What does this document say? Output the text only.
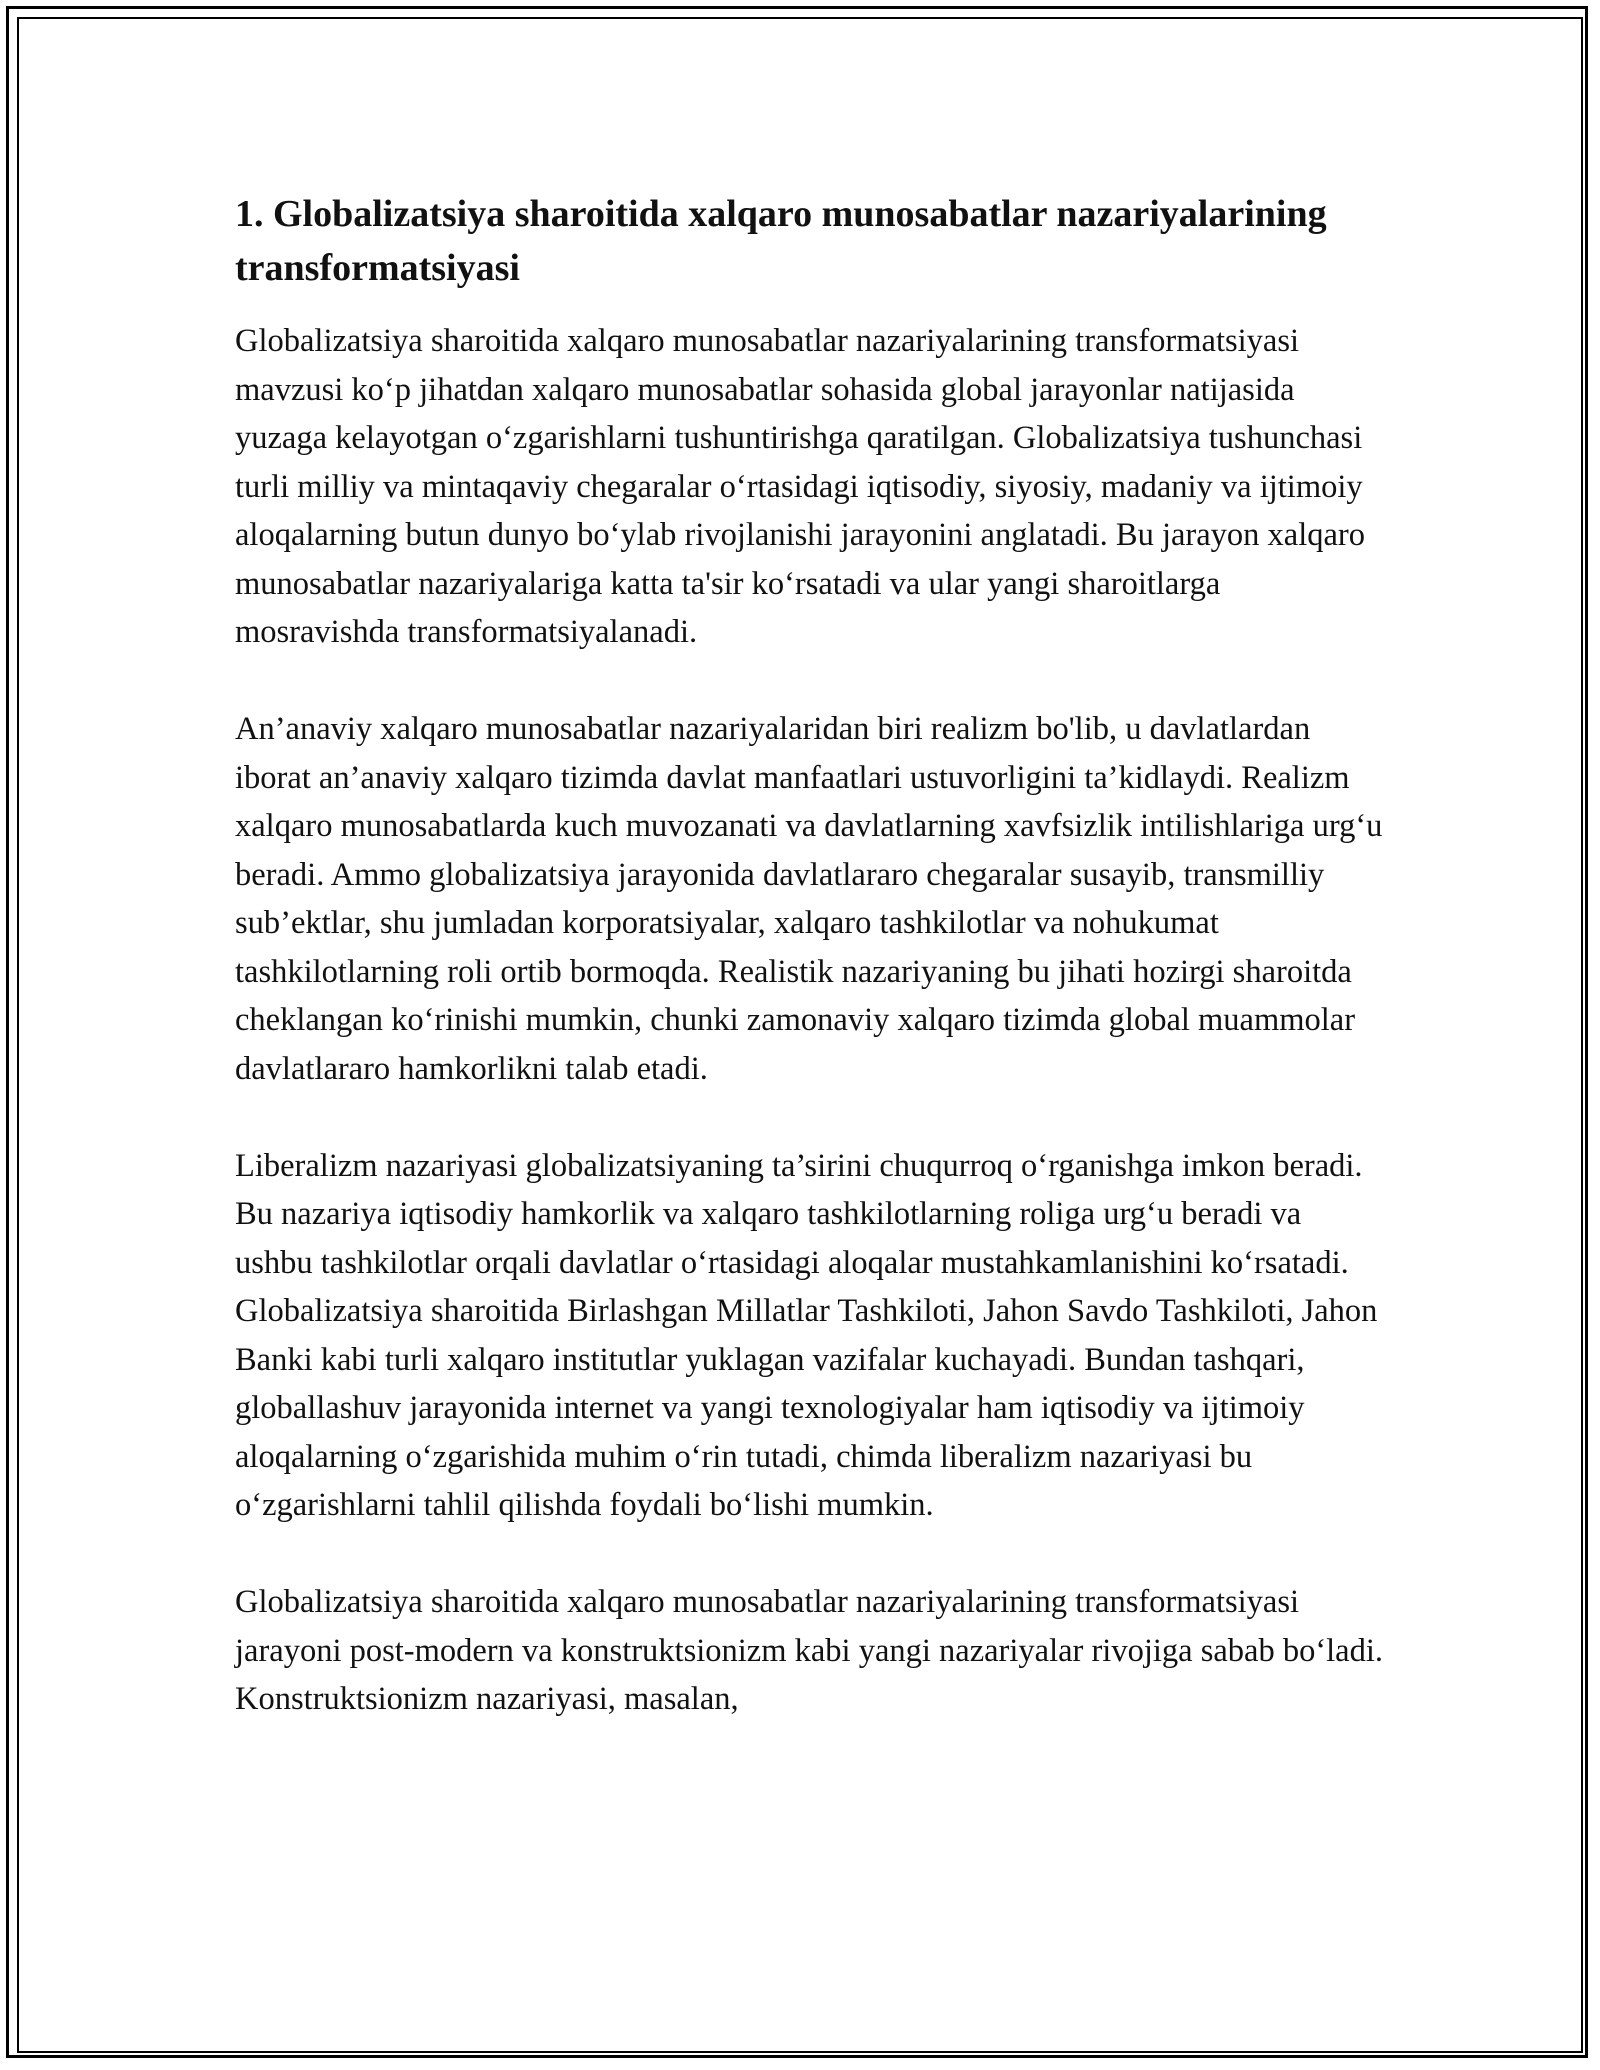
1. Globalizatsiya sharoitida xalqaro munosabatlar nazariyalarining transformatsiyasi

Globalizatsiya sharoitida xalqaro munosabatlar nazariyalarining transformatsiyasi mavzusi koʻp jihatdan xalqaro munosabatlar sohasida global jarayonlar natijasida yuzaga kelayotgan oʻzgarishlarni tushuntirishga qaratilgan. Globalizatsiya tushunchasi turli milliy va mintaqaviy chegaralar oʻrtasidagi iqtisodiy, siyosiy, madaniy va ijtimoiy aloqalarning butun dunyo boʻylab rivojlanishi jarayonini anglatadi. Bu jarayon xalqaro munosabatlar nazariyalariga katta ta'sir koʻrsatadi va ular yangi sharoitlarga mosravishda transformatsiyalanadi.

An’anaviy xalqaro munosabatlar nazariyalaridan biri realizm bo'lib, u davlatlardan iborat an’anaviy xalqaro tizimda davlat manfaatlari ustuvorligini ta’kidlaydi. Realizm xalqaro munosabatlarda kuch muvozanati va davlatlarning xavfsizlik intilishlariga urgʻu beradi. Ammo globalizatsiya jarayonida davlatlararo chegaralar susayib, transmilliy sub’ektlar, shu jumladan korporatsiyalar, xalqaro tashkilotlar va nohukumat tashkilotlarning roli ortib bormoqda. Realistik nazariyaning bu jihati hozirgi sharoitda cheklangan koʻrinishi mumkin, chunki zamonaviy xalqaro tizimda global muammolar davlatlararo hamkorlikni talab etadi.

Liberalizm nazariyasi globalizatsiyaning ta’sirini chuqurroq oʻrganishga imkon beradi. Bu nazariya iqtisodiy hamkorlik va xalqaro tashkilotlarning roliga urgʻu beradi va ushbu tashkilotlar orqali davlatlar oʻrtasidagi aloqalar mustahkamlanishini koʻrsatadi. Globalizatsiya sharoitida Birlashgan Millatlar Tashkiloti, Jahon Savdo Tashkiloti, Jahon Banki kabi turli xalqaro institutlar yuklagan vazifalar kuchayadi. Bundan tashqari, globallashuv jarayonida internet va yangi texnologiyalar ham iqtisodiy va ijtimoiy aloqalarning oʻzgarishida muhim oʻrin tutadi, chimda liberalizm nazariyasi bu oʻzgarishlarni tahlil qilishda foydali boʻlishi mumkin.

Globalizatsiya sharoitida xalqaro munosabatlar nazariyalarining transformatsiyasi jarayoni post-modern va konstruktsionizm kabi yangi nazariyalar rivojiga sabab boʻladi. Konstruktsionizm nazariyasi, masalan,
